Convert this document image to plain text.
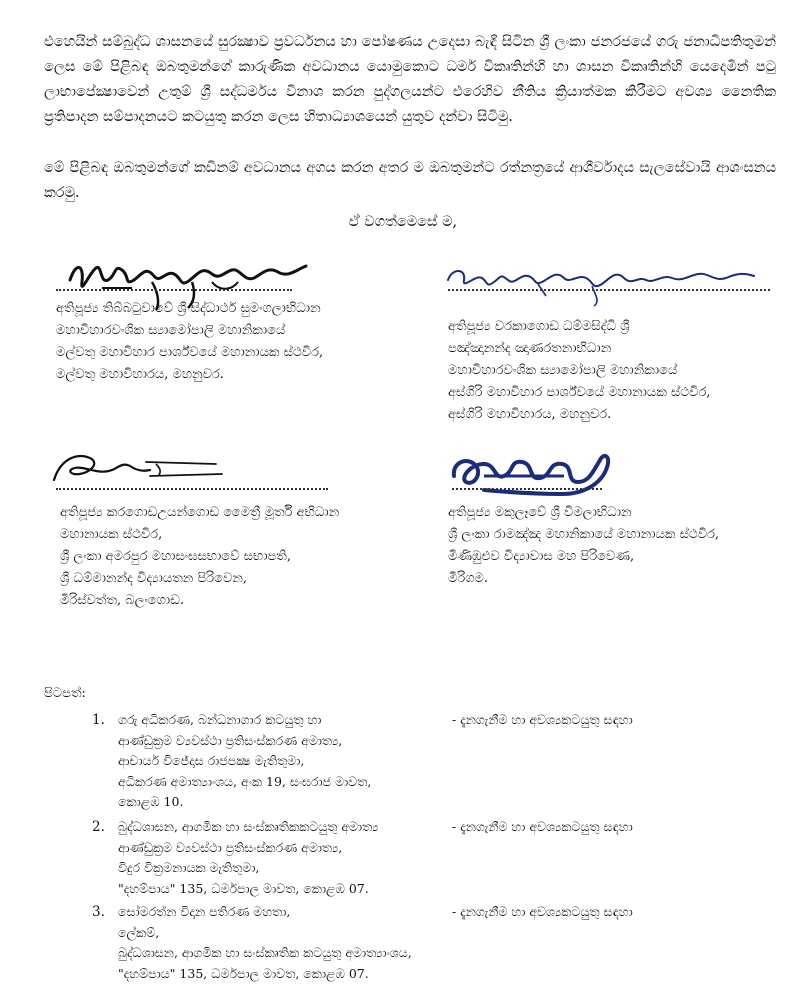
එහෙයින් සම්බුද්ධ ශාසනයේ සුරක්‍ෂාව ප්‍රවර්ධනය හා පෝෂණය උදෙසා බැඳී සිටින ශ්‍රී ලංකා ජනරජයේ ගරු ජනාධිපතිතුමන් ලෙස මේ පිළිබඳ ඔබතුමන්ගේ කාරුණික අවධානය යොමුකොට ධර්ම විකෘතින්හි හා ශාසන විකෘතින්හි යෙදෙමින් පටු ලාභාපේක්‍ෂාවෙන් උතුම් ශ්‍රී සද්ධර්මය විනාශ කරන පුද්ගලයන්ට එරෙහිව නීතිය ක්‍රියාත්මක කිරීමට අවශ්‍ය නෛතික ප්‍රතිපාදන සම්පාදනයට කටයුතු කරන ලෙස හිතාධ්‍යාශයෙන් යුතුව දන්වා සිටිමු.

මේ පිළිබඳ ඔබතුමන්ගේ කඩිනම් අවධානය අගය කරන අතර ම ඔබතුමන්ට රත්නත්‍රයේ ආශීර්වාදය සැලසේවායි ආශංසනය කරමු.

ඒ වගත්මෙසේ ම,
අතිපූජ්‍ය තිබ්බටුවාවේ ශ්‍රී සිද්ධාර්ථ සුමංගලාභිධාන
මහාවිහාරවංශික ස්‍යාමෝපාලි මහානිකායේ
මල්වතු මහාවිහාර පාර්ශ්වයේ මහානායක ස්ථවිර,
මල්වතු මහාවිහාරය, මහනුවර.
අතිපූජ්‍ය වරකාගොඩ ධම්මසිද්ධි ශ්‍රී
පඤ්ඤානන්ද ඤාණරතනාභිධාන
මහාවිහාරවංශික ස්‍යාමෝපාලි මහානිකායේ
අස්ගිරි මහාවිහාර පාර්ශ්වයේ මහානායක ස්ථවිර,
අස්ගිරි මහාවිහාරය, මහනුවර.
අතිපූජ්‍ය කරගොඩඋයන්ගොඩ මෛත්‍රී මූර්ති අභිධාන
මහානායක ස්ථවිර,
ශ්‍රී ලංකා අමරපුර මහාසංඝසභාවේ සභාපති,
ශ්‍රී ධම්මානන්ද විද්‍යායතන පිරිවෙන,
මිරිස්වත්ත, බලංගොඩ.
අතිපූජ්‍ය මකුලෑවේ ශ්‍රී විමලාභිධාන
ශ්‍රී ලංකා රාමඤ්ඤ මහානිකායේ මහානායක ස්ථවිර,
මිණිඹුළුව විද්‍යාවාස මහ පිරිවෙණ,
මීරිගම.
පිටපත්:
1. ගරු අධිකරණ, බන්ධනාගාර කටයුතු හා
ආණ්ඩුක්‍රම ව්‍යවස්ථා ප්‍රතිසංස්කරණ අමාත්‍ය,
ආචාර්ය විජේදාස රාජපක්‍ෂ මැතිතුමා,
අධිකරණ අමාත්‍යාංශය, අංක 19, සංඝරාජ මාවත,
කොළඹ 10.
- දැනගැනීම හා අවශ්‍යකටයුතු සඳහා
2. බුද්ධශාසන, ආගමික හා සංස්කෘතිකකටයුතු අමාත්‍ය
ආණ්ඩුක්‍රම ව්‍යවස්ථා ප්‍රතිසංස්කරණ අමාත්‍ය,
විදුර වික්‍රමනායක මැතිතුමා,
"දහම්පාය" 135, ධර්මපාල මාවත, කොළඹ 07.
- දැනගැනීම හා අවශ්‍යකටයුතු සඳහා
3. සෝමරත්න විදාන පතිරණ මහතා,
ලේකම්,
බුද්ධශාසන, ආගමික හා සංස්කෘතික කටයුතු අමාත්‍යාංශය,
"දහම්පාය" 135, ධර්මපාල මාවත, කොළඹ 07.
- දැනගැනීම හා අවශ්‍යකටයුතු සඳහා
